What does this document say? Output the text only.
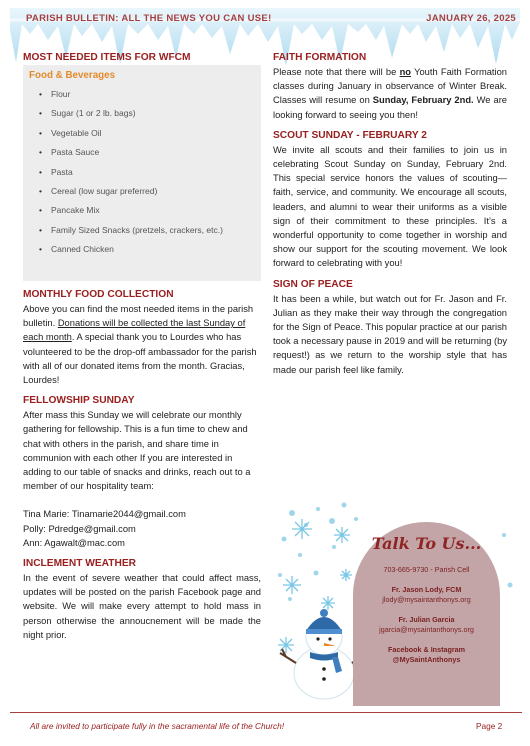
PARISH BULLETIN: ALL THE NEWS YOU CAN USE!	JANUARY 26, 2025
MOST NEEDED ITEMS FOR WFCM
Food & Beverages
• Flour
• Sugar (1 or 2 lb. bags)
• Vegetable Oil
• Pasta Sauce
• Pasta
• Cereal (low sugar preferred)
• Pancake Mix
• Family Sized Snacks (pretzels, crackers, etc.)
• Canned Chicken
MONTHLY FOOD COLLECTION
Above you can find the most needed items in the parish bulletin. Donations will be collected the last Sunday of each month. A special thank you to Lourdes who has volunteered to be the drop-off ambassador for the parish with all of our donated items from the month. Gracias, Lourdes!
FELLOWSHIP SUNDAY
After mass this Sunday we will celebrate our monthly gathering for fellowship. This is a fun time to chew and chat with others in the parish, and share time in communion with each other If you are interested in adding to our table of snacks and drinks, reach out to a member of our hospitality team:
Tina Marie: Tinamarie2044@gmail.com
Polly: Pdredge@gmail.com
Ann: Agawalt@mac.com
INCLEMENT WEATHER
In the event of severe weather that could affect mass, updates will be posted on the parish Facebook page and website. We will make every attempt to hold mass in person otherwise the annoucnement will be made the night prior.
FAITH FORMATION
Please note that there will be no Youth Faith Formation classes during January in observance of Winter Break. Classes will resume on Sunday, February 2nd. We are looking forward to seeing you then!
SCOUT SUNDAY - FEBRUARY 2
We invite all scouts and their families to join us in celebrating Scout Sunday on Sunday, February 2nd. This special service honors the values of scouting—faith, service, and community. We encourage all scouts, leaders, and alumni to wear their uniforms as a visible sign of their commitment to these principles. It’s a wonderful opportunity to come together in worship and show our support for the scouting movement. We look forward to celebrating with you!
SIGN OF PEACE
It has been a while, but watch out for Fr. Jason and Fr. Julian as they make their way through the congregation for the Sign of Peace. This popular practice at our parish took a necessary pause in 2019 and will be returning (by request!) as we return to the worship style that has made our parish feel like family.
Talk To Us...
703-665-9730 - Parish Cell
Fr. Jason Lody, FCM
jlody@mysaintanthonys.org
Fr. Julian Garcia
jgarcia@mysaintanthonys.org
Facebook & Instagram
@MySaintAnthonys
All are invited to participate fully in the sacramental life of the Church!	Page 2
